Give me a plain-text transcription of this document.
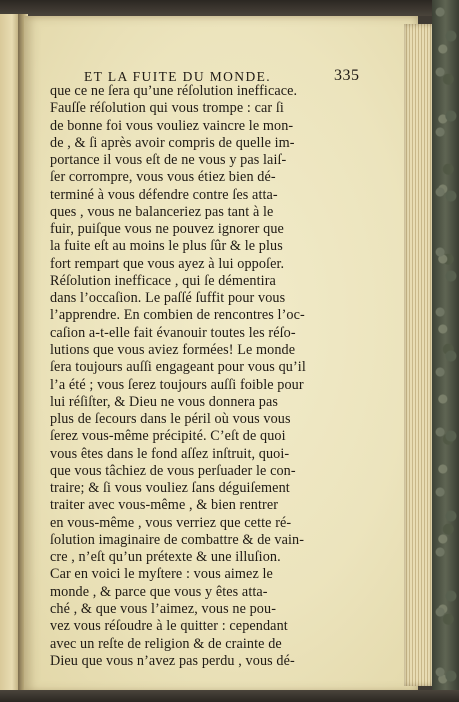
ET LA FUITE DU MONDE.	335
que ce ne ſera qu’une réſolution inefficace.
Fauſſe réſolution qui vous trompe : car ſi
de bonne foi vous vouliez vaincre le mon-
de , & ſi après avoir compris de quelle im-
portance il vous eſt de ne vous y pas laiſ-
ſer corrompre, vous vous étiez bien dé-
terminé à vous défendre contre ſes atta-
ques , vous ne balanceriez pas tant à le
fuir, puiſque vous ne pouvez ignorer que
la fuite eſt au moins le plus ſûr & le plus
fort rempart que vous ayez à lui oppoſer.
Réſolution inefficace , qui ſe démentira
dans l’occaſion. Le paſſé ſuffit pour vous
l’apprendre. En combien de rencontres l’oc-
caſion a-t-elle fait évanouir toutes les réſo-
lutions que vous aviez formées! Le monde
ſera toujours auſſi engageant pour vous qu’il
l’a été ; vous ſerez toujours auſſi foible pour
lui réſiſter, & Dieu ne vous donnera pas
plus de ſecours dans le péril où vous vous
ſerez vous-même précipité. C’eſt de quoi
vous êtes dans le fond aſſez inſtruit, quoi-
que vous tâchiez de vous perſuader le con-
traire; & ſi vous vouliez ſans déguiſement
traiter avec vous-même , & bien rentrer
en vous-même , vous verriez que cette ré-
ſolution imaginaire de combattre & de vain-
cre , n’eſt qu’un prétexte & une illuſion.
Car en voici le myſtere : vous aimez le
monde , & parce que vous y êtes atta-
ché , & que vous l’aimez, vous ne pou-
vez vous réſoudre à le quitter : cependant
avec un reſte de religion & de crainte de
Dieu que vous n’avez pas perdu , vous dé-
